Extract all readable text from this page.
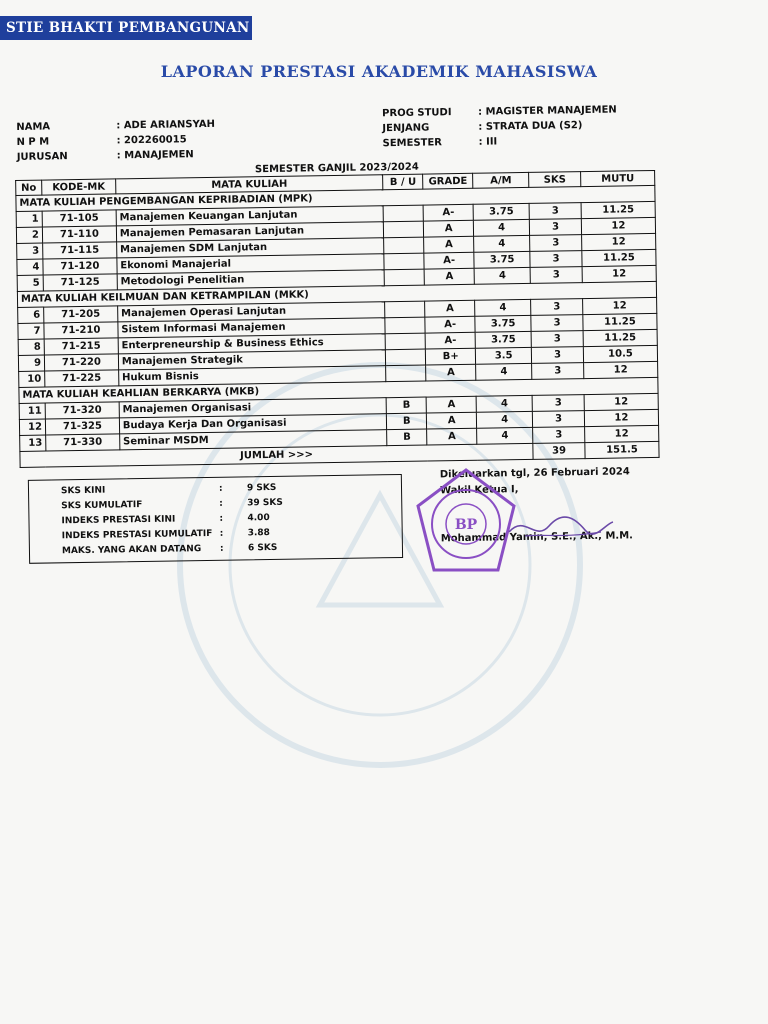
STIE BHAKTI PEMBANGUNAN
LAPORAN PRESTASI AKADEMIK MAHASISWA
NAMA	: ADE ARIANSYAH
N P M	: 202260015
JURUSAN	: MANAJEMEN
PROG STUDI	: MAGISTER MANAJEMEN
JENJANG	: STRATA DUA (S2)
SEMESTER	: III
SEMESTER GANJIL 2023/2024
No	KODE-MK	MATA KULIAH	B / U	GRADE	A/M	SKS	MUTU
MATA KULIAH PENGEMBANGAN KEPRIBADIAN (MPK)							
1	71-105	Manajemen Keuangan Lanjutan		A-	3.75	3	11.25
2	71-110	Manajemen Pemasaran Lanjutan		A	4	3	12
3	71-115	Manajemen SDM Lanjutan		A	4	3	12
4	71-120	Ekonomi Manajerial		A-	3.75	3	11.25
5	71-125	Metodologi Penelitian		A	4	3	12
MATA KULIAH KEILMUAN DAN KETRAMPILAN (MKK)							
6	71-205	Manajemen Operasi Lanjutan		A	4	3	12
7	71-210	Sistem Informasi Manajemen		A-	3.75	3	11.25
8	71-215	Enterpreneurship & Business Ethics		A-	3.75	3	11.25
9	71-220	Manajemen Strategik		B+	3.5	3	10.5
10	71-225	Hukum Bisnis		A	4	3	12
MATA KULIAH KEAHLIAN BERKARYA (MKB)							
11	71-320	Manajemen Organisasi	B	A	4	3	12
12	71-325	Budaya Kerja Dan Organisasi	B	A	4	3	12
13	71-330	Seminar MSDM	B	A	4	3	12
JUMLAH >>>						39	151.5
SKS KINI	:	9 SKS
SKS KUMULATIF	:	39 SKS
INDEKS PRESTASI KINI	:	4.00
INDEKS PRESTASI KUMULATIF :	3.88
MAKS. YANG AKAN DATANG :	6 SKS
Dikeluarkan tgl, 26 Februari 2024
Wakil Ketua I,
Mohammad Yamin, S.E., Ak., M.M.
BP
